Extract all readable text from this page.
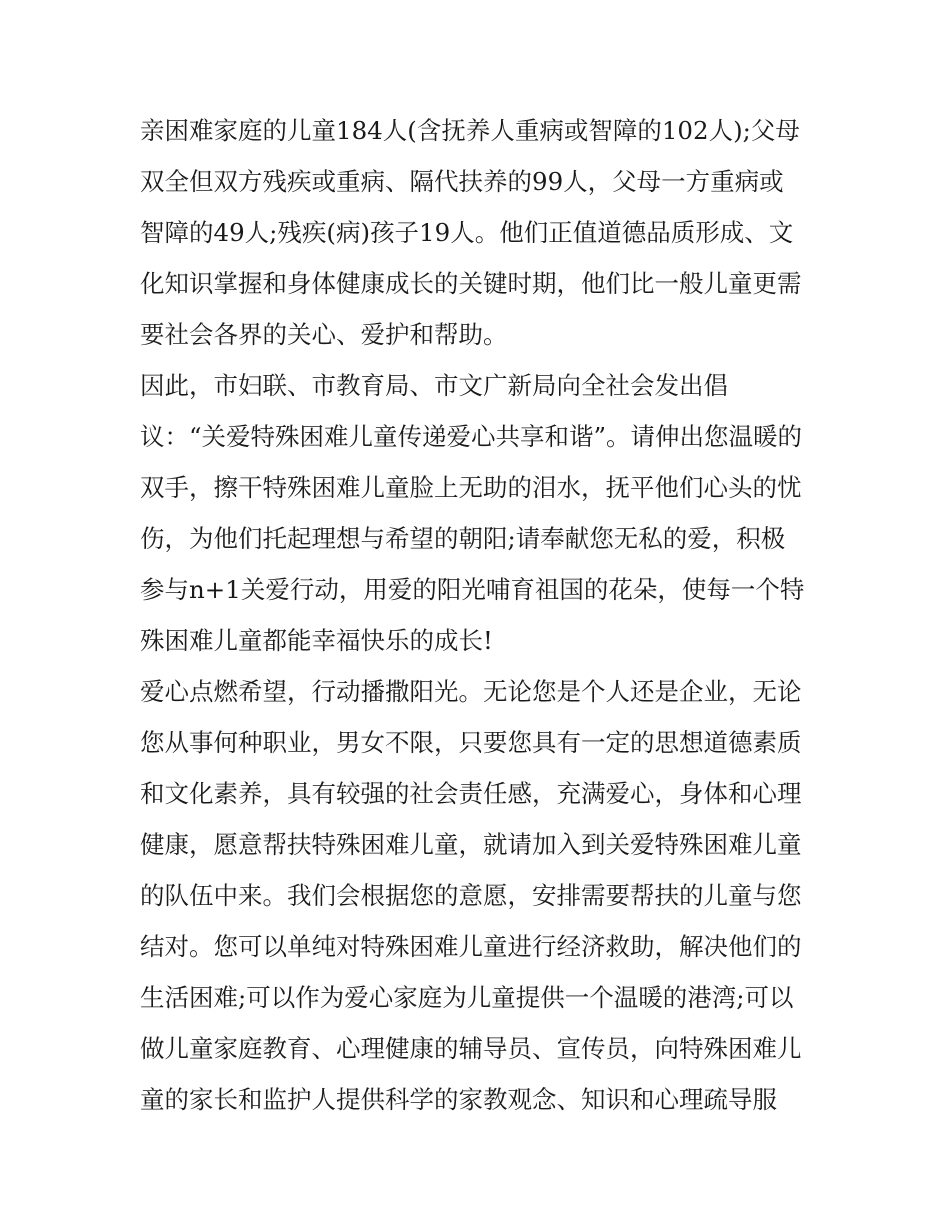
亲困难家庭的儿童184人(含抚养人重病或智障的102人);父母
双全但双方残疾或重病、隔代扶养的99人，父母一方重病或
智障的49人;残疾(病)孩子19人。他们正值道德品质形成、文
化知识掌握和身体健康成长的关键时期，他们比一般儿童更需
要社会各界的关心、爱护和帮助。
因此，市妇联、市教育局、市文广新局向全社会发出倡
议：“关爱特殊困难儿童传递爱心共享和谐”。请伸出您温暖的
双手，擦干特殊困难儿童脸上无助的泪水，抚平他们心头的忧
伤，为他们托起理想与希望的朝阳;请奉献您无私的爱，积极
参与n+1关爱行动，用爱的阳光哺育祖国的花朵，使每一个特
殊困难儿童都能幸福快乐的成长!
爱心点燃希望，行动播撒阳光。无论您是个人还是企业，无论
您从事何种职业，男女不限，只要您具有一定的思想道德素质
和文化素养，具有较强的社会责任感，充满爱心，身体和心理
健康，愿意帮扶特殊困难儿童，就请加入到关爱特殊困难儿童
的队伍中来。我们会根据您的意愿，安排需要帮扶的儿童与您
结对。您可以单纯对特殊困难儿童进行经济救助，解决他们的
生活困难;可以作为爱心家庭为儿童提供一个温暖的港湾;可以
做儿童家庭教育、心理健康的辅导员、宣传员，向特殊困难儿
童的家长和监护人提供科学的家教观念、知识和心理疏导服
